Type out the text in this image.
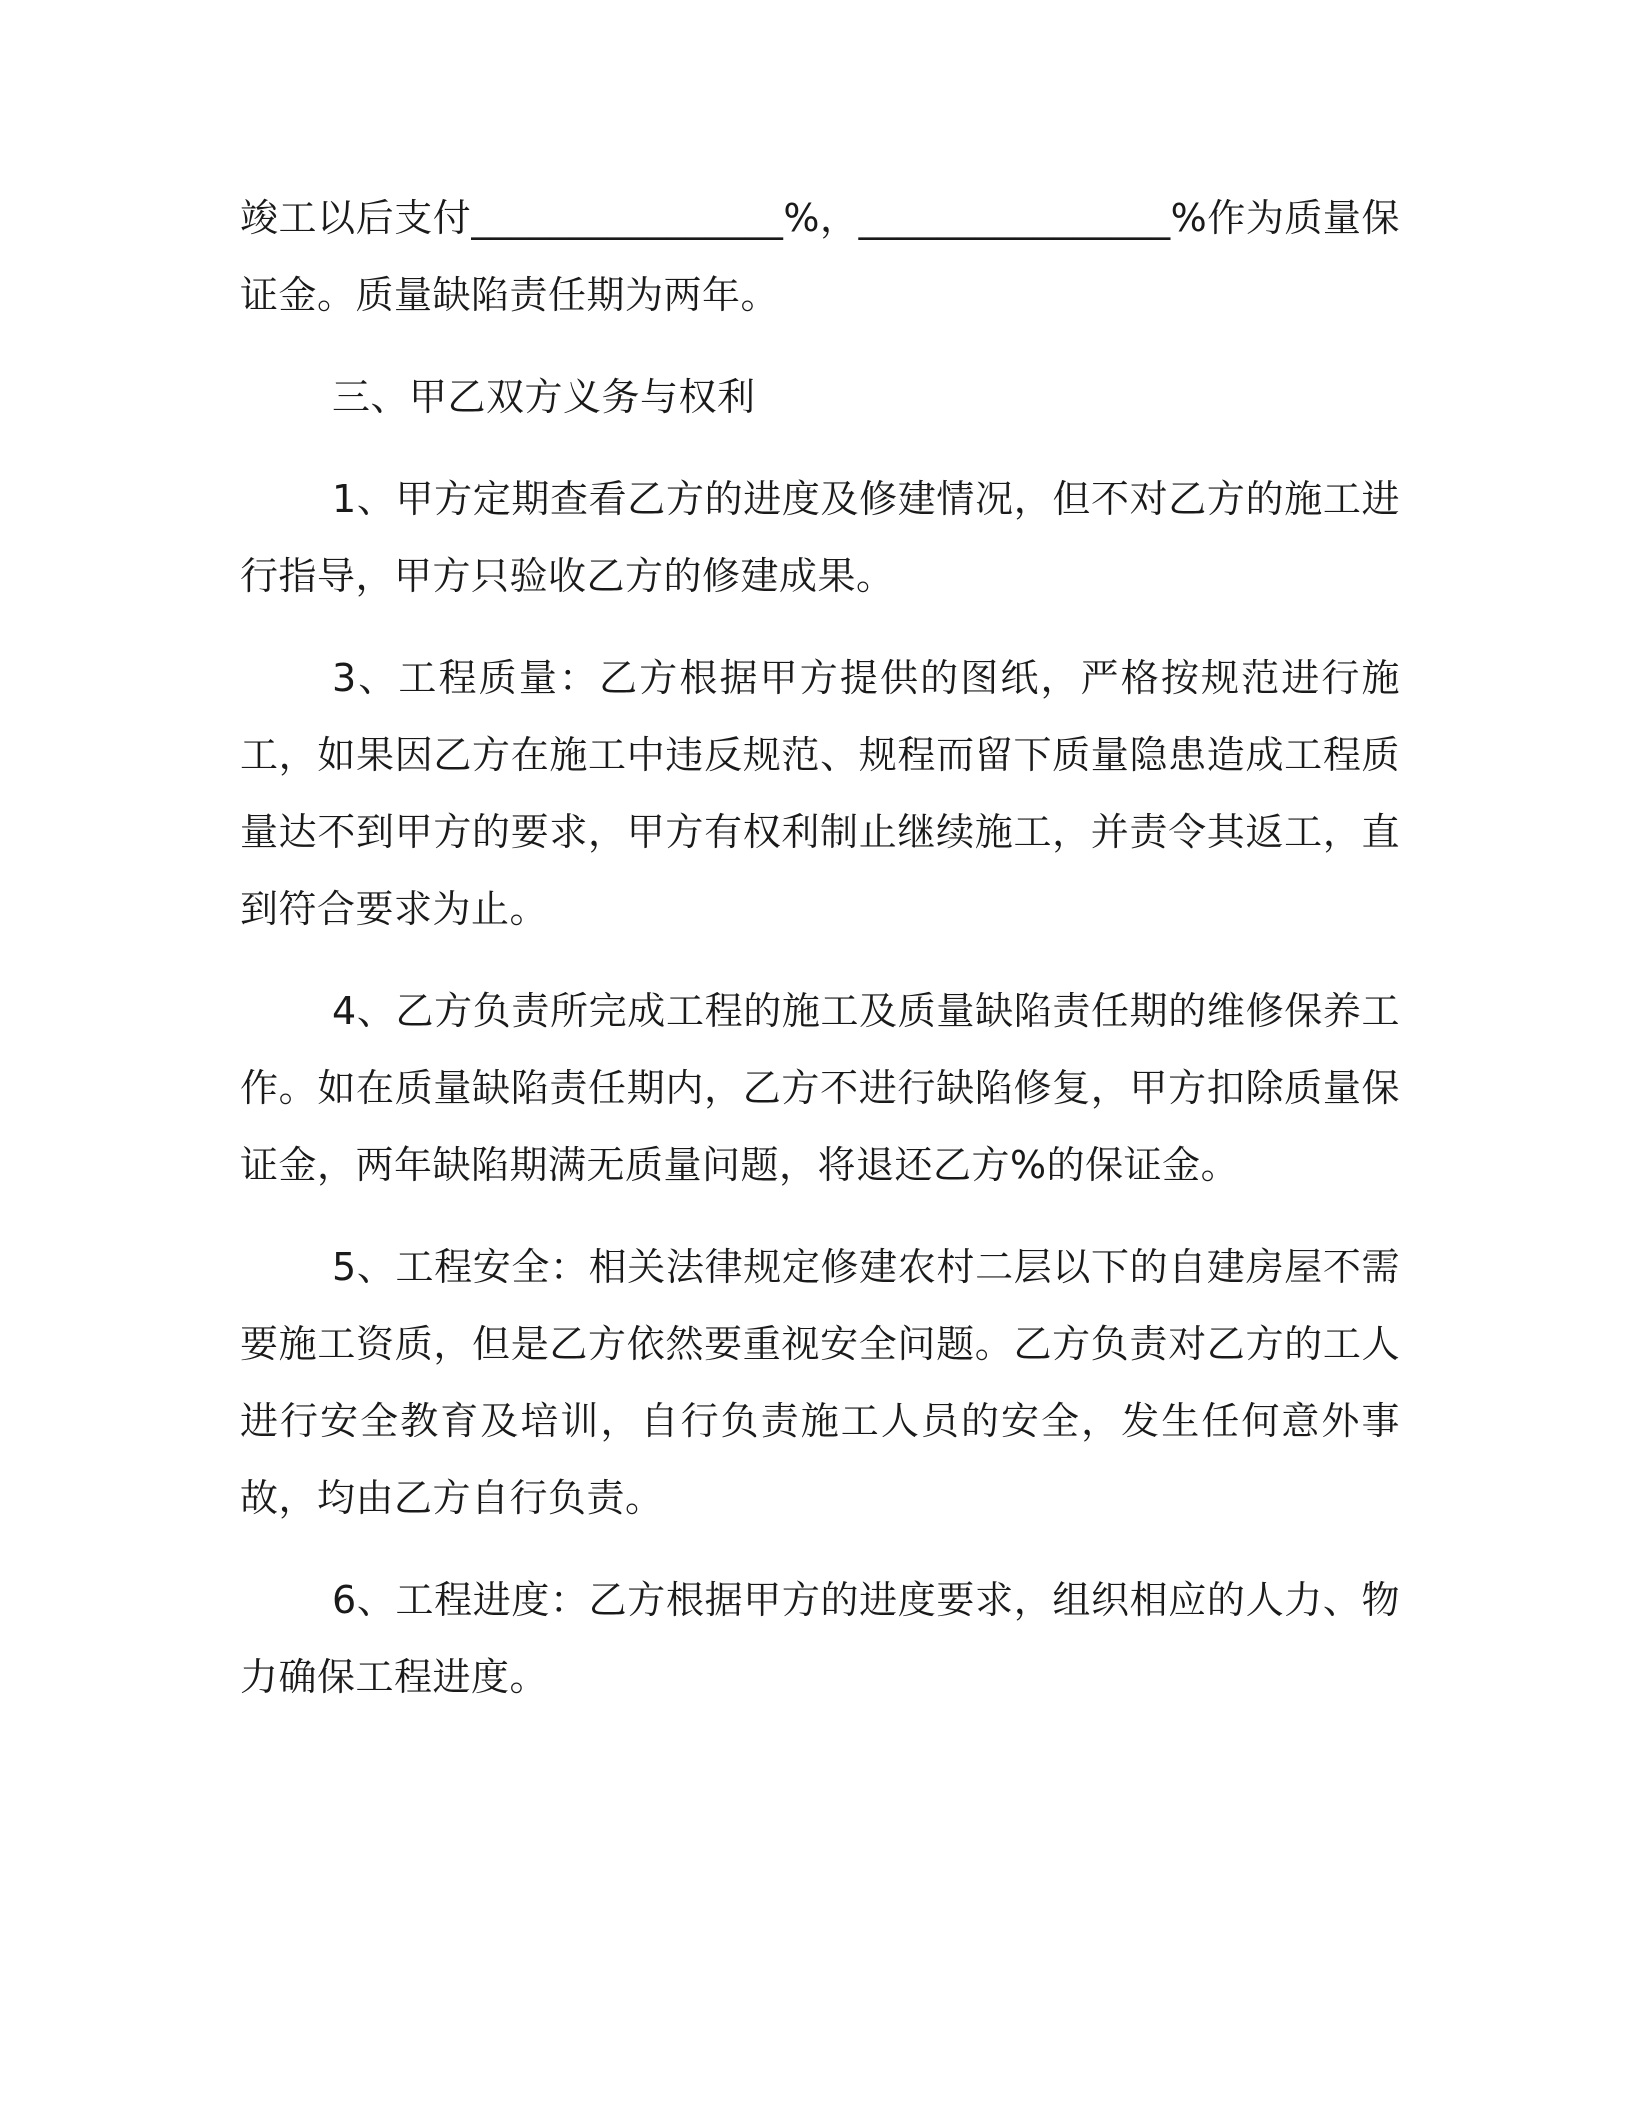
竣工以后支付________________%，________________%作为质量保证金。质量缺陷责任期为两年。

三、甲乙双方义务与权利

1、甲方定期查看乙方的进度及修建情况，但不对乙方的施工进行指导，甲方只验收乙方的修建成果。

3、工程质量：乙方根据甲方提供的图纸，严格按规范进行施工，如果因乙方在施工中违反规范、规程而留下质量隐患造成工程质量达不到甲方的要求，甲方有权利制止继续施工，并责令其返工，直到符合要求为止。

4、乙方负责所完成工程的施工及质量缺陷责任期的维修保养工作。如在质量缺陷责任期内，乙方不进行缺陷修复，甲方扣除质量保证金，两年缺陷期满无质量问题，将退还乙方%的保证金。

5、工程安全：相关法律规定修建农村二层以下的自建房屋不需要施工资质，但是乙方依然要重视安全问题。乙方负责对乙方的工人进行安全教育及培训，自行负责施工人员的安全，发生任何意外事故，均由乙方自行负责。

6、工程进度：乙方根据甲方的进度要求，组织相应的人力、物力确保工程进度。
